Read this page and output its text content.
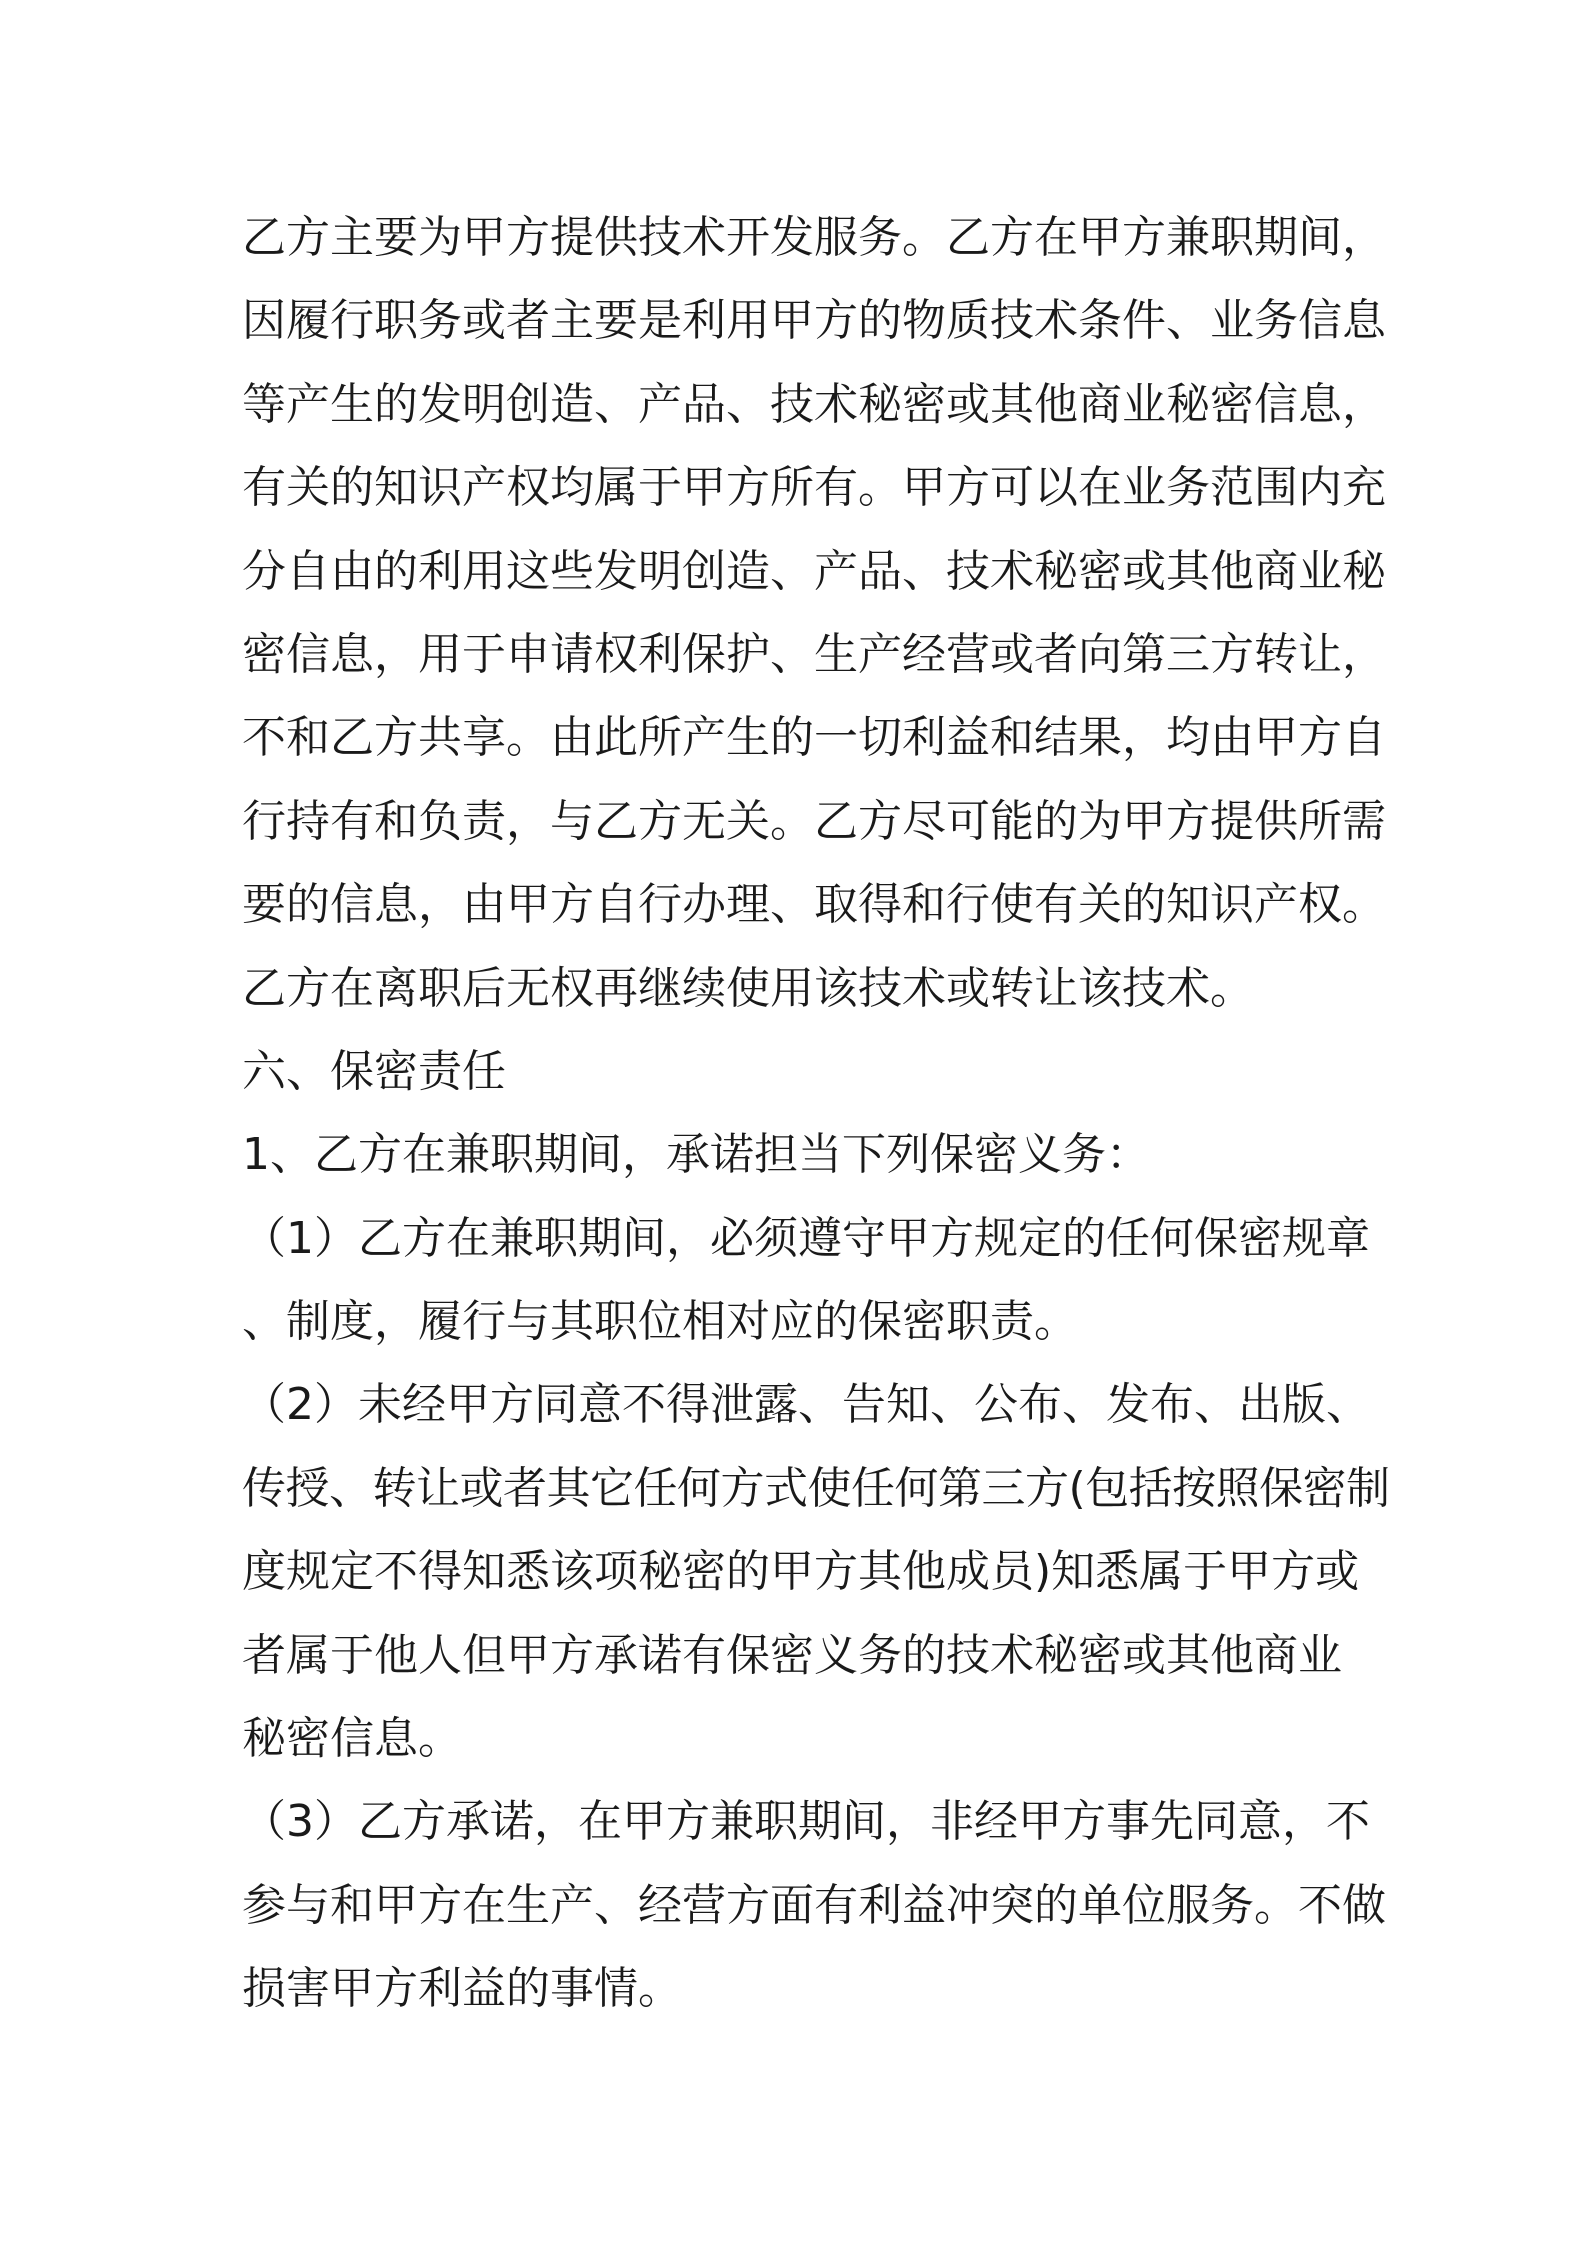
乙方主要为甲方提供技术开发服务。乙方在甲方兼职期间，
因履行职务或者主要是利用甲方的物质技术条件、业务信息
等产生的发明创造、产品、技术秘密或其他商业秘密信息，
有关的知识产权均属于甲方所有。甲方可以在业务范围内充
分自由的利用这些发明创造、产品、技术秘密或其他商业秘
密信息，用于申请权利保护、生产经营或者向第三方转让，
不和乙方共享。由此所产生的一切利益和结果，均由甲方自
行持有和负责，与乙方无关。乙方尽可能的为甲方提供所需
要的信息，由甲方自行办理、取得和行使有关的知识产权。
乙方在离职后无权再继续使用该技术或转让该技术。
六、保密责任
1、乙方在兼职期间，承诺担当下列保密义务：
（1）乙方在兼职期间，必须遵守甲方规定的任何保密规章
、制度，履行与其职位相对应的保密职责。
（2）未经甲方同意不得泄露、告知、公布、发布、出版、
传授、转让或者其它任何方式使任何第三方(包括按照保密制
度规定不得知悉该项秘密的甲方其他成员)知悉属于甲方或
者属于他人但甲方承诺有保密义务的技术秘密或其他商业
秘密信息。
（3）乙方承诺，在甲方兼职期间，非经甲方事先同意，不
参与和甲方在生产、经营方面有利益冲突的单位服务。不做
损害甲方利益的事情。
